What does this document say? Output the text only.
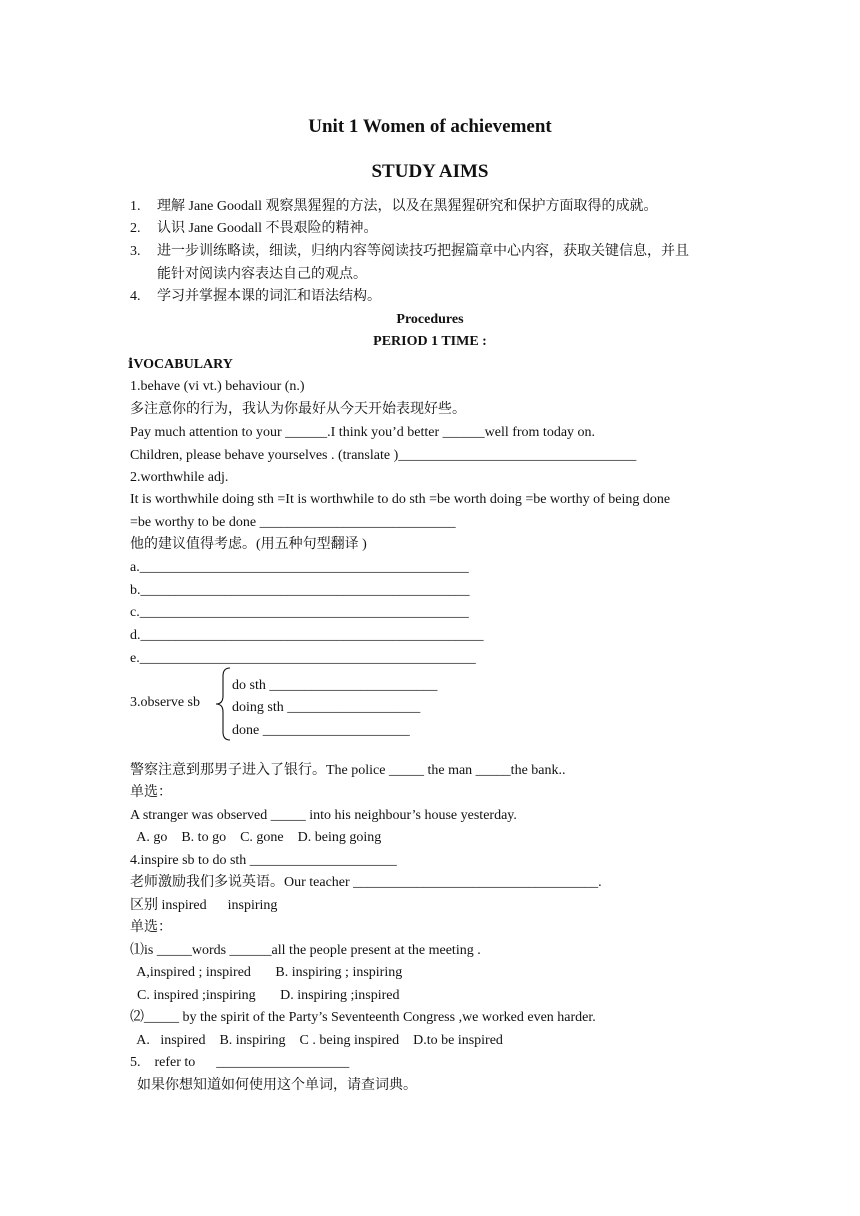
Unit 1 Women of achievement
STUDY AIMS
1. 理解 Jane Goodall 观察黑猩猩的方法，以及在黑猩猩研究和保护方面取得的成就。
2. 认识 Jane Goodall 不畏艰险的精神。
3. 进一步训练略读，细读，归纳内容等阅读技巧把握篇章中心内容，获取关键信息，并且
能针对阅读内容表达自己的观点。
4. 学习并掌握本课的词汇和语法结构。
Procedures
PERIOD 1 TIME :
ⅰVOCABULARY
1.behave (vi vt.) behaviour (n.)
多注意你的行为，我认为你最好从今天开始表现好些。
Pay much attention to your ______.I think you’d better ______well from today on.
Children, please behave yourselves . (translate )__________________________________
2.worthwhile adj.
It is worthwhile doing sth =It is worthwhile to do sth =be worth doing =be worthy of being done
=be worthy to be done ____________________________
他的建议值得考虑。(用五种句型翻译 )
a._______________________________________________
b._______________________________________________
c._______________________________________________
d._________________________________________________
e.________________________________________________
3.observe sb
do sth ________________________
doing sth ___________________
done _____________________
警察注意到那男子进入了银行。The police _____ the man _____the bank..
单选：
A stranger was observed _____ into his neighbour’s house yesterday.
A. go    B. to go    C. gone    D. being going
4.inspire sb to do sth _____________________
老师激励我们多说英语。Our teacher ___________________________________.
区别 inspired      inspiring
单选：
⑴is _____words ______all the people present at the meeting .
A,inspired ; inspired       B. inspiring ; inspiring
C. inspired ;inspiring       D. inspiring ;inspired
⑵_____ by the spirit of the Party’s Seventeenth Congress ,we worked even harder.
A.   inspired    B. inspiring    C . being inspired    D.to be inspired
5.    refer to      ___________________
如果你想知道如何使用这个单词，请查词典。
